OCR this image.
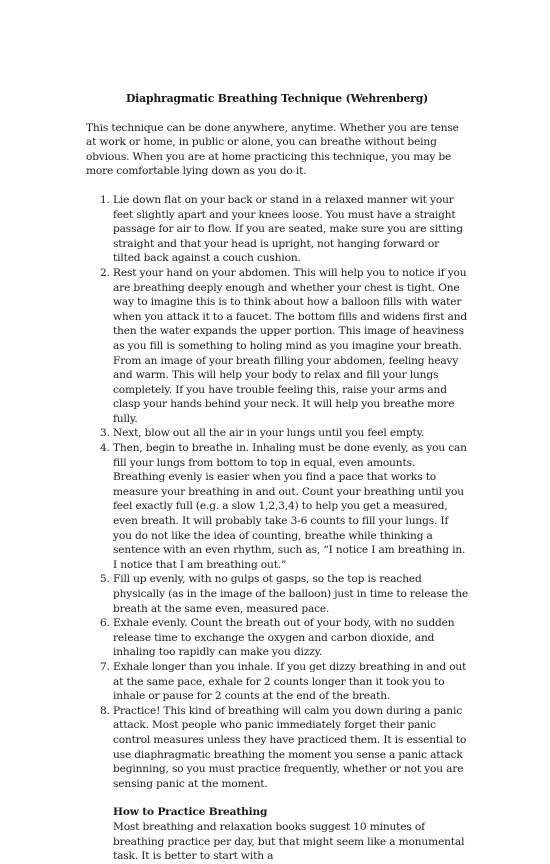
Diaphragmatic Breathing Technique (Wehrenberg)

This technique can be done anywhere, anytime. Whether you are tense at work or home, in public or alone, you can breathe without being obvious. When you are at home practicing this technique, you may be more comfortable lying down as you do it.

1. Lie down flat on your back or stand in a relaxed manner wit your feet slightly apart and your knees loose. You must have a straight passage for air to flow. If you are seated, make sure you are sitting straight and that your head is upright, not hanging forward or tilted back against a couch cushion.
2. Rest your hand on your abdomen. This will help you to notice if you are breathing deeply enough and whether your chest is tight. One way to imagine this is to think about how a balloon fills with water when you attack it to a faucet. The bottom fills and widens first and then the water expands the upper portion. This image of heaviness as you fill is something to holing mind as you imagine your breath. From an image of your breath filling your abdomen, feeling heavy and warm. This will help your body to relax and fill your lungs completely. If you have trouble feeling this, raise your arms and clasp your hands behind your neck. It will help you breathe more fully.
3. Next, blow out all the air in your lungs until you feel empty.
4. Then, begin to breathe in. Inhaling must be done evenly, as you can fill your lungs from bottom to top in equal, even amounts. Breathing evenly is easier when you find a pace that works to measure your breathing in and out. Count your breathing until you feel exactly full (e.g. a slow 1,2,3,4) to help you get a measured, even breath. It will probably take 3-6 counts to fill your lungs. If you do not like the idea of counting, breathe while thinking a sentence with an even rhythm, such as, “I notice I am breathing in. I notice that I am breathing out.”
5. Fill up evenly, with no gulps ot gasps, so the top is reached physically (as in the image of the balloon) just in time to release the breath at the same even, measured pace.
6. Exhale evenly. Count the breath out of your body, with no sudden release time to exchange the oxygen and carbon dioxide, and inhaling too rapidly can make you dizzy.
7. Exhale longer than you inhale. If you get dizzy breathing in and out at the same pace, exhale for 2 counts longer than it took you to inhale or pause for 2 counts at the end of the breath.
8. Practice! This kind of breathing will calm you down during a panic attack. Most people who panic immediately forget their panic control measures unless they have practiced them. It is essential to use diaphragmatic breathing the moment you sense a panic attack beginning, so you must practice frequently, whether or not you are sensing panic at the moment.

How to Practice Breathing

Most breathing and relaxation books suggest 10 minutes of breathing practice per day, but that might seem like a monumental task. It is better to start with a
